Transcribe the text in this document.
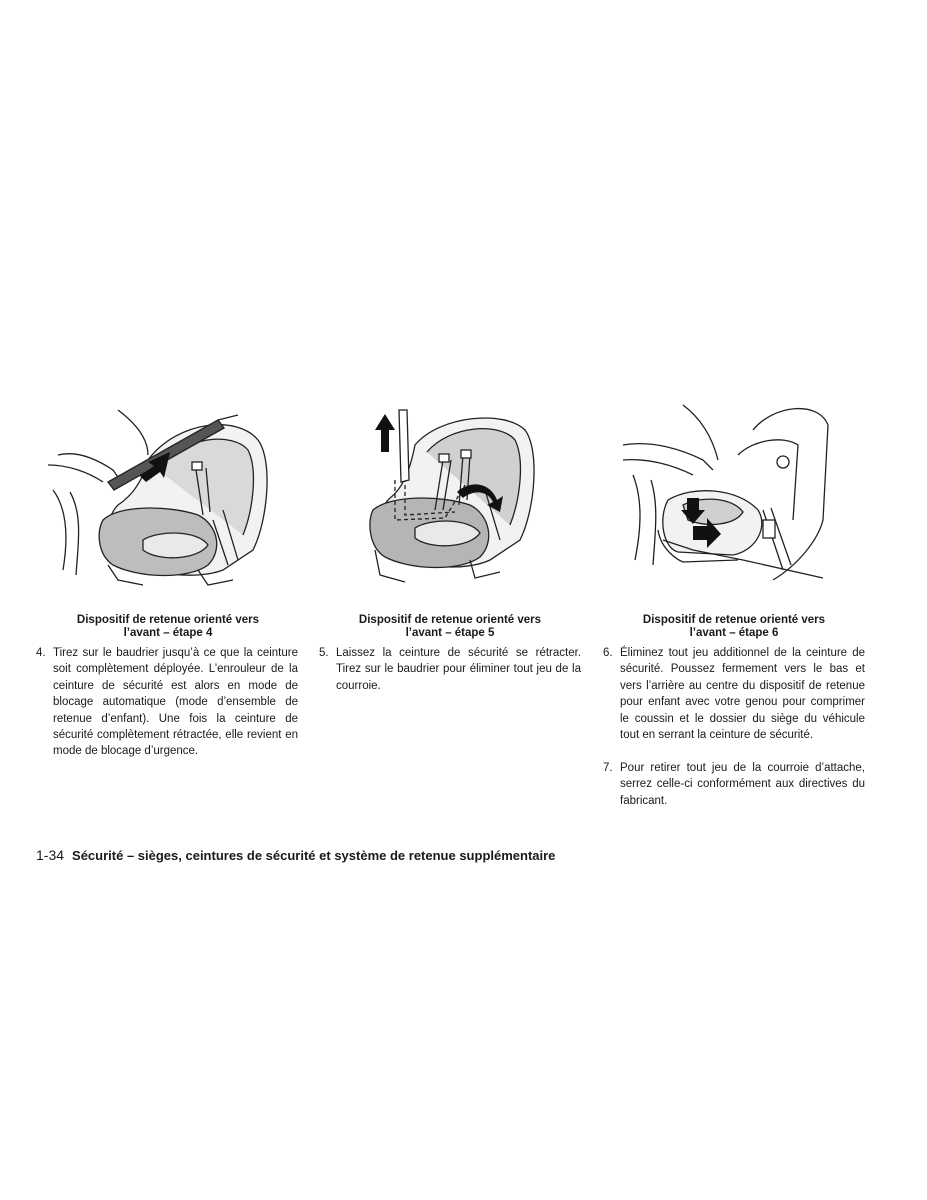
Dispositif de retenue orienté vers
l’avant – étape 4
4. Tirez sur le baudrier jusqu’à ce que la ceinture soit complètement déployée. L’enrouleur de la ceinture de sécurité est alors en mode de blocage automatique (mode d’ensemble de retenue d’enfant). Une fois la ceinture de sécurité complètement rétractée, elle revient en mode de blocage d’urgence.
Dispositif de retenue orienté vers
l’avant – étape 5
5. Laissez la ceinture de sécurité se rétracter. Tirez sur le baudrier pour éliminer tout jeu de la courroie.
Dispositif de retenue orienté vers
l’avant – étape 6
6. Éliminez tout jeu additionnel de la ceinture de sécurité. Poussez fermement vers le bas et vers l’arrière au centre du dispositif de retenue pour enfant avec votre genou pour comprimer le coussin et le dossier du siège du véhicule tout en serrant la ceinture de sécurité.
7. Pour retirer tout jeu de la courroie d’attache, serrez celle-ci conformément aux directives du fabricant.
1-34 Sécurité – sièges, ceintures de sécurité et système de retenue supplémentaire
